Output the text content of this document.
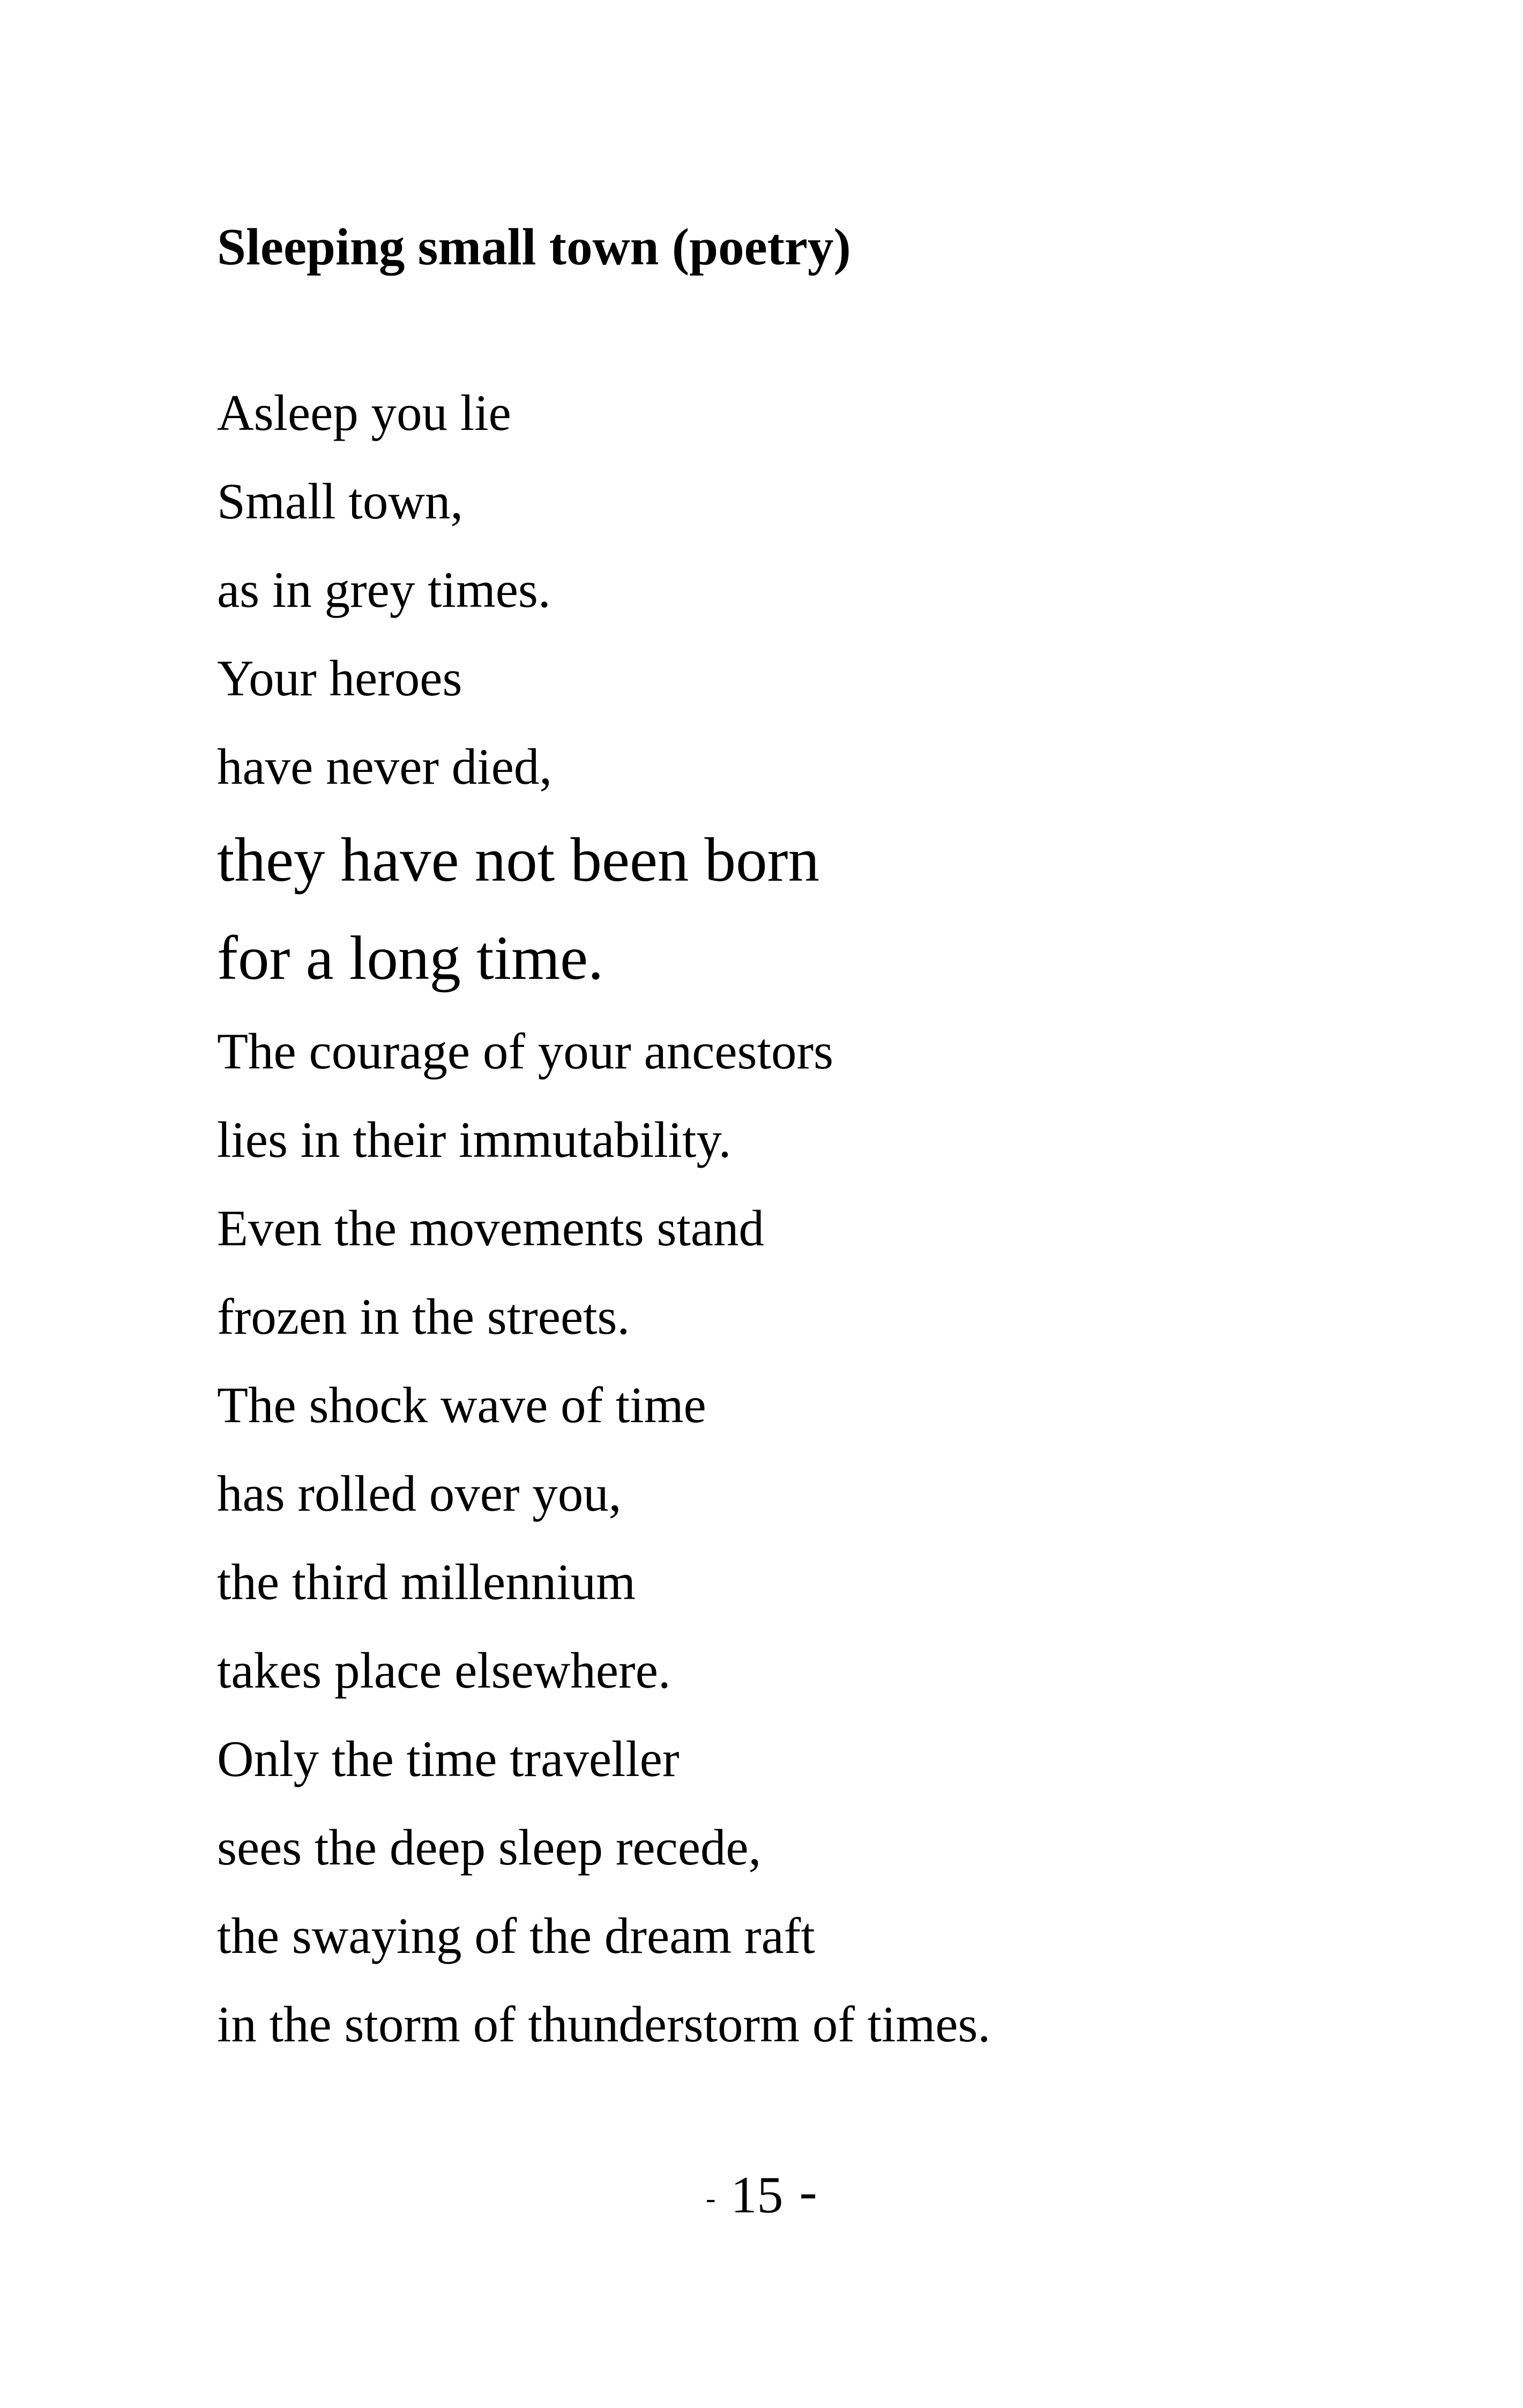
Sleeping small town (poetry)
Asleep you lie
Small town,
as in grey times.
Your heroes
have never died,
they have not been born
for a long time.
The courage of your ancestors
lies in their immutability.
Even the movements stand
frozen in the streets.
The shock wave of time
has rolled over you,
the third millennium
takes place elsewhere.
Only the time traveller
sees the deep sleep recede,
the swaying of the dream raft
in the storm of thunderstorm of times.
- 15 -
